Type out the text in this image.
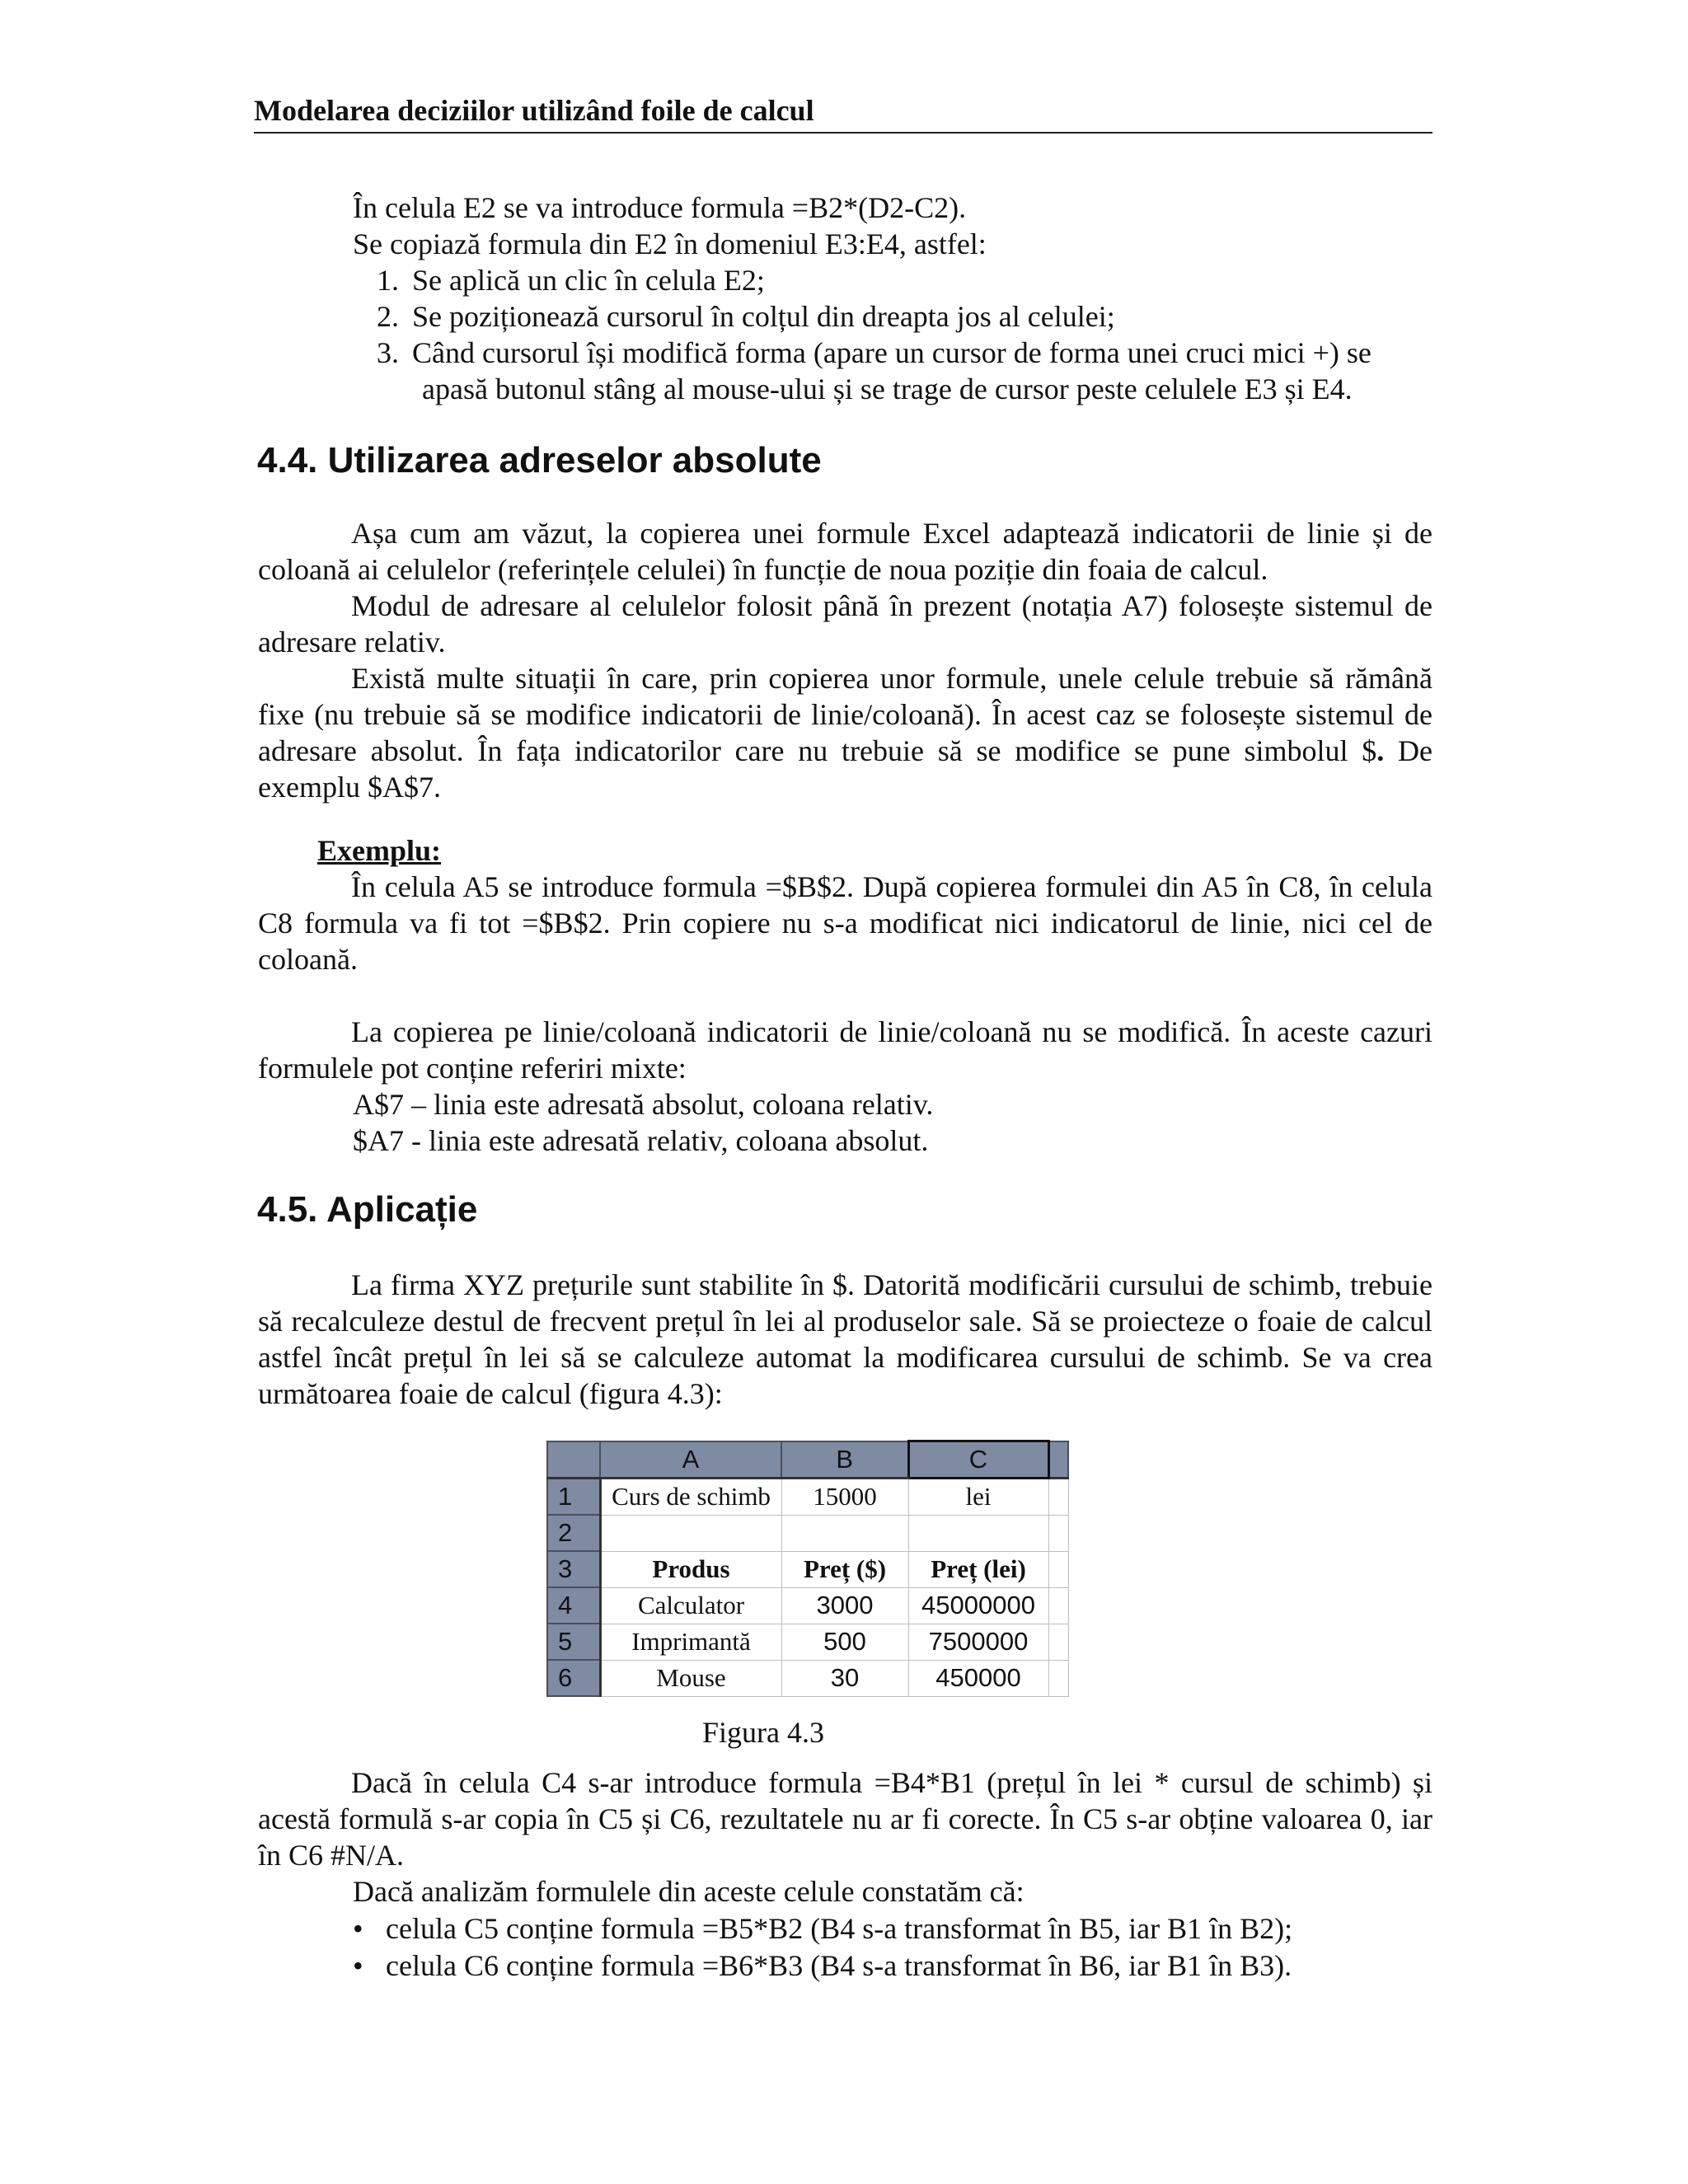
Modelarea deciziilor utilizând foile de calcul
În celula E2 se va introduce formula =B2*(D2-C2).
Se copiază formula din E2 în domeniul E3:E4, astfel:
1. Se aplică un clic în celula E2;
2. Se poziționează cursorul în colțul din dreapta jos al celulei;
3. Când cursorul își modifică forma (apare un cursor de forma unei cruci mici +) se
apasă butonul stâng al mouse-ului și se trage de cursor peste celulele E3 și E4.
4.4. Utilizarea adreselor absolute
Așa cum am văzut, la copierea unei formule Excel adaptează indicatorii de linie și de coloană ai celulelor (referințele celulei) în funcție de noua poziție din foaia de calcul.
Modul de adresare al celulelor folosit până în prezent (notația A7) folosește sistemul de adresare relativ.
Există multe situații în care, prin copierea unor formule, unele celule trebuie să rămână fixe (nu trebuie să se modifice indicatorii de linie/coloană). În acest caz se folosește sistemul de adresare absolut. În fața indicatorilor care nu trebuie să se modifice se pune simbolul $. De exemplu $A$7.
Exemplu:
În celula A5 se introduce formula =$B$2. După copierea formulei din A5 în C8, în celula C8 formula va fi tot =$B$2. Prin copiere nu s-a modificat nici indicatorul de linie, nici cel de coloană.
La copierea pe linie/coloană indicatorii de linie/coloană nu se modifică. În aceste cazuri formulele pot conține referiri mixte:
A$7 – linia este adresată absolut, coloana relativ.
$A7 - linia este adresată relativ, coloana absolut.
4.5. Aplicație
La firma XYZ prețurile sunt stabilite în $. Datorită modificării cursului de schimb, trebuie să recalculeze destul de frecvent prețul în lei al produselor sale. Să se proiecteze o foaie de calcul astfel încât prețul în lei să se calculeze automat la modificarea cursului de schimb. Se va crea următoarea foaie de calcul (figura 4.3):
	A	B	C	
1	Curs de schimb	15000	lei	
2				
3	Produs	Preț ($)	Preț (lei)	
4	Calculator	3000	45000000	
5	Imprimantă	500	7500000	
6	Mouse	30	450000	
Figura 4.3
Dacă în celula C4 s-ar introduce formula =B4*B1 (prețul în lei * cursul de schimb) și acestă formulă s-ar copia în C5 și C6, rezultatele nu ar fi corecte. În C5 s-ar obține valoarea 0, iar în C6 #N/A.
Dacă analizăm formulele din aceste celule constatăm că:
• celula C5 conține formula =B5*B2 (B4 s-a transformat în B5, iar B1 în B2);
• celula C6 conține formula =B6*B3 (B4 s-a transformat în B6, iar B1 în B3).
